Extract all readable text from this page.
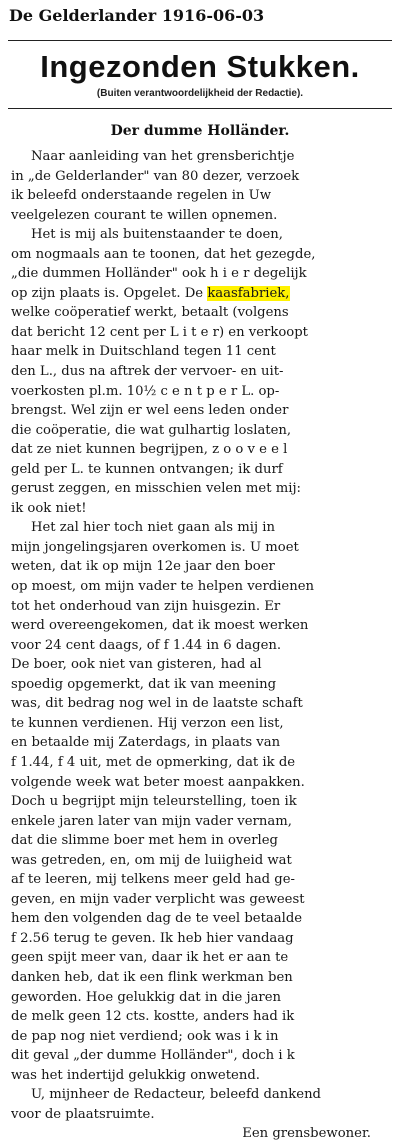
De Gelderlander 1916-06-03
Ingezonden Stukken.
(Buiten verantwoordelijkheid der Redactie).
Der dumme Holländer.
Naar aanleiding van het grensberichtje
in „de Gelderlander" van 80 dezer, verzoek
ik beleefd onderstaande regelen in Uw
veelgelezen courant te willen opnemen.
Het is mij als buitenstaander te doen,
om nogmaals aan te toonen, dat het gezegde,
„die dummen Holländer" ook h i e r degelijk
op zijn plaats is. Opgelet. De kaasfabriek,
welke coöperatief werkt, betaalt (volgens
dat bericht 12 cent per L i t e r) en verkoopt
haar melk in Duitschland tegen 11 cent
den L., dus na aftrek der vervoer- en uit-
voerkosten pl.m. 10½ c e n t p e r L. op-
brengst. Wel zijn er wel eens leden onder
die coöperatie, die wat gulhartig loslaten,
dat ze niet kunnen begrijpen, z o o v e e l
geld per L. te kunnen ontvangen; ik durf
gerust zeggen, en misschien velen met mij:
ik ook niet!
Het zal hier toch niet gaan als mij in
mijn jongelingsjaren overkomen is. U moet
weten, dat ik op mijn 12e jaar den boer
op moest, om mijn vader te helpen verdienen
tot het onderhoud van zijn huisgezin. Er
werd overeengekomen, dat ik moest werken
voor 24 cent daags, of f 1.44 in 6 dagen.
De boer, ook niet van gisteren, had al
spoedig opgemerkt, dat ik van meening
was, dit bedrag nog wel in de laatste schaft
te kunnen verdienen. Hij verzon een list,
en betaalde mij Zaterdags, in plaats van
f 1.44, f 4 uit, met de opmerking, dat ik de
volgende week wat beter moest aanpakken.
Doch u begrijpt mijn teleurstelling, toen ik
enkele jaren later van mijn vader vernam,
dat die slimme boer met hem in overleg
was getreden, en, om mij de luiigheid wat
af te leeren, mij telkens meer geld had ge-
geven, en mijn vader verplicht was geweest
hem den volgenden dag de te veel betaalde
f 2.56 terug te geven. Ik heb hier vandaag
geen spijt meer van, daar ik het er aan te
danken heb, dat ik een flink werkman ben
geworden. Hoe gelukkig dat in die jaren
de melk geen 12 cts. kostte, anders had ik
de pap nog niet verdiend; ook was i k in
dit geval „der dumme Holländer", doch i k
was het indertijd gelukkig onwetend.
U, mijnheer de Redacteur, beleefd dankend
voor de plaatsruimte.
Een grensbewoner.
